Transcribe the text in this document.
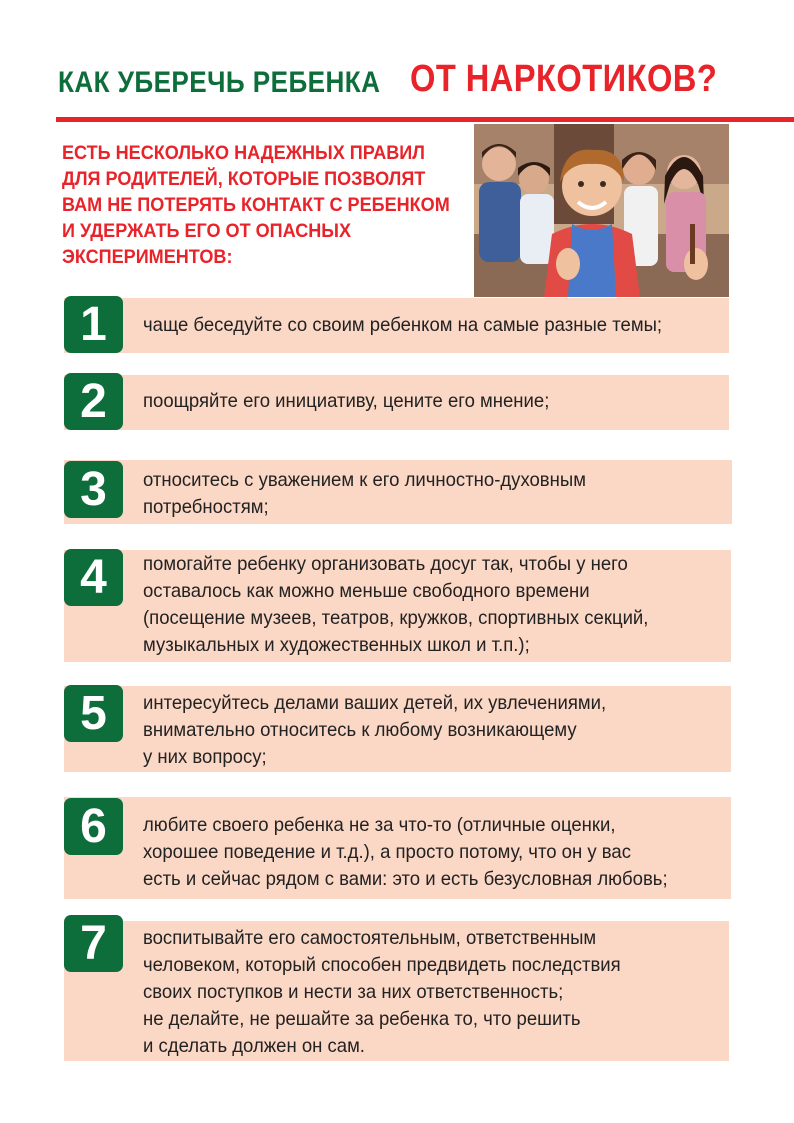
КАК УБЕРЕЧЬ РЕБЕНКА ОТ НАРКОТИКОВ?
ЕСТЬ НЕСКОЛЬКО НАДЕЖНЫХ ПРАВИЛ
ДЛЯ РОДИТЕЛЕЙ, КОТОРЫЕ ПОЗВОЛЯТ
ВАМ НЕ ПОТЕРЯТЬ КОНТАКТ С РЕБЕНКОМ
И УДЕРЖАТЬ ЕГО ОТ ОПАСНЫХ
ЭКСПЕРИМЕНТОВ:
1	чаще беседуйте со своим ребенком на самые разные темы;
2	поощряйте его инициативу, цените его мнение;
3	относитесь с уважением к его личностно-духовным
потребностям;
4	помогайте ребенку организовать досуг так, чтобы у него
оставалось как можно меньше свободного времени
(посещение музеев, театров, кружков, спортивных секций,
музыкальных и художественных школ и т.п.);
5	интересуйтесь делами ваших детей, их увлечениями,
внимательно относитесь к любому возникающему
у них вопросу;
6	любите своего ребенка не за что-то (отличные оценки,
хорошее поведение и т.д.), а просто потому, что он у вас
есть и сейчас рядом с вами: это и есть безусловная любовь;
7	воспитывайте его самостоятельным, ответственным
человеком, который способен предвидеть последствия
своих поступков и нести за них ответственность;
не делайте, не решайте за ребенка то, что решить
и сделать должен он сам.
